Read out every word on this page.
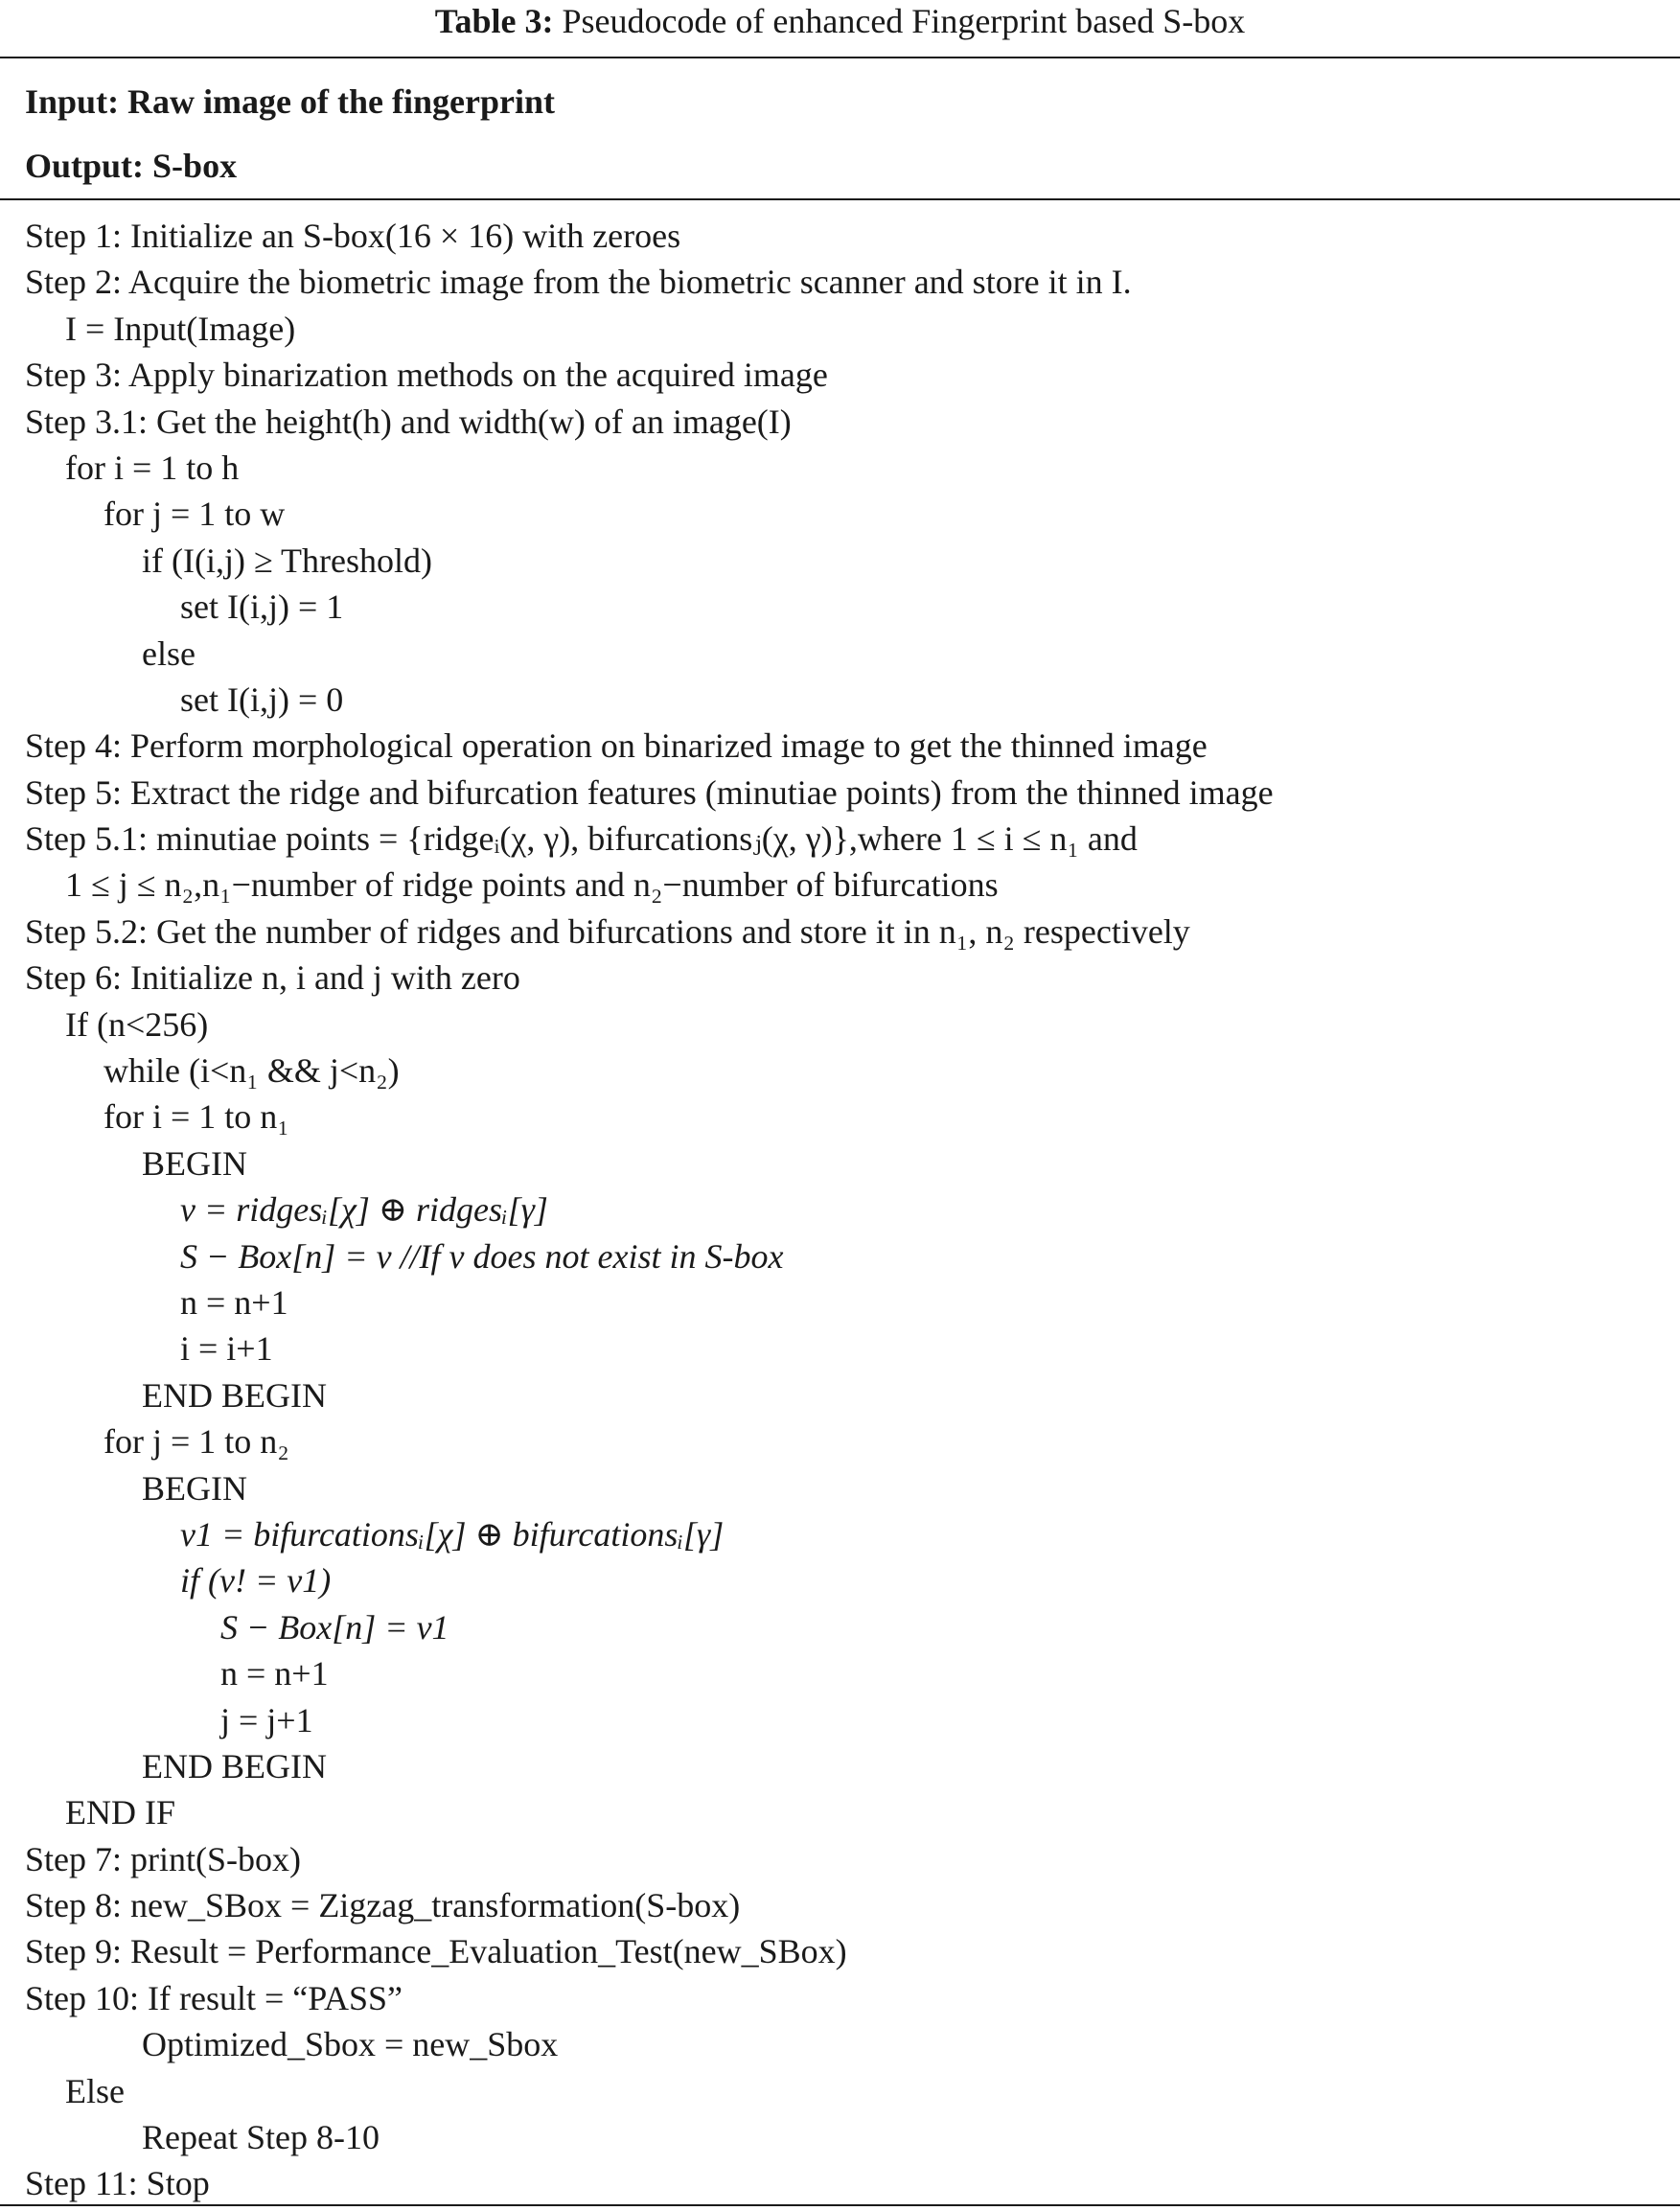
Table 3: Pseudocode of enhanced Fingerprint based S-box
Input: Raw image of the fingerprint
Output: S-box
Step 1: Initialize an S-box(16 × 16) with zeroes
Step 2: Acquire the biometric image from the biometric scanner and store it in I.
I = Input(Image)
Step 3: Apply binarization methods on the acquired image
Step 3.1: Get the height(h) and width(w) of an image(I)
for i = 1 to h
for j = 1 to w
if (I(i,j) ≥ Threshold)
set I(i,j) = 1
else
set I(i,j) = 0
Step 4: Perform morphological operation on binarized image to get the thinned image
Step 5: Extract the ridge and bifurcation features (minutiae points) from the thinned image
Step 5.1: minutiae points = {ridgeᵢ(χ, γ), bifurcationsⱼ(χ, γ)},where 1 ≤ i ≤ n₁ and
1 ≤ j ≤ n₂,n₁−number of ridge points and n₂−number of bifurcations
Step 5.2: Get the number of ridges and bifurcations and store it in n₁, n₂ respectively
Step 6: Initialize n, i and j with zero
If (n<256)
while (i<n₁ && j<n₂)
for i = 1 to n₁
BEGIN
v = ridgesᵢ[χ] ⊕ ridgesᵢ[γ]
S − Box[n] = v //If v does not exist in S-box
n = n+1
i = i+1
END BEGIN
for j = 1 to n₂
BEGIN
v1 = bifurcationsᵢ[χ] ⊕ bifurcationsᵢ[γ]
if (v! = v1)
S − Box[n] = v1
n = n+1
j = j+1
END BEGIN
END IF
Step 7: print(S-box)
Step 8: new_SBox = Zigzag_transformation(S-box)
Step 9: Result = Performance_Evaluation_Test(new_SBox)
Step 10: If result = “PASS”
Optimized_Sbox = new_Sbox
Else
Repeat Step 8-10
Step 11: Stop
